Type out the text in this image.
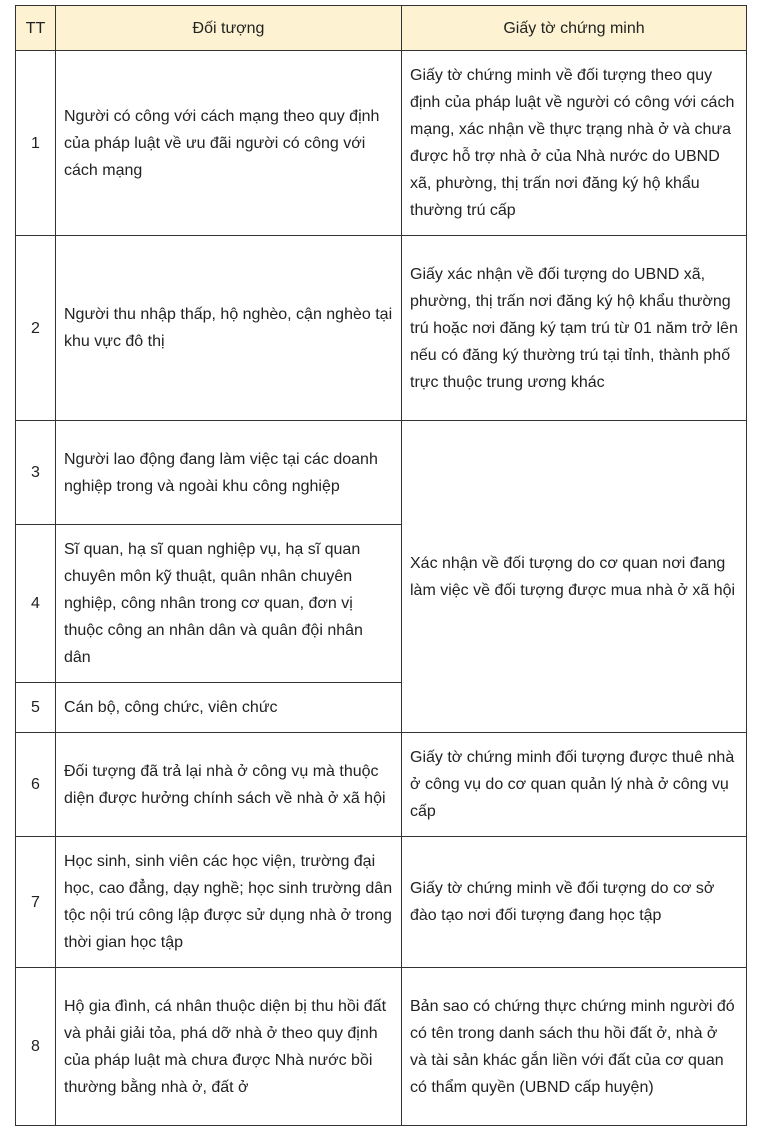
TT	Đối tượng	Giấy tờ chứng minh
1	Người có công với cách mạng theo quy định của pháp luật về ưu đãi người có công với cách mạng	Giấy tờ chứng minh về đối tượng theo quy định của pháp luật về người có công với cách mạng, xác nhận về thực trạng nhà ở và chưa được hỗ trợ nhà ở của Nhà nước do UBND xã, phường, thị trấn nơi đăng ký hộ khẩu thường trú cấp
2	Người thu nhập thấp, hộ nghèo, cận nghèo tại khu vực đô thị	Giấy xác nhận về đối tượng do UBND xã, phường, thị trấn nơi đăng ký hộ khẩu thường trú hoặc nơi đăng ký tạm trú từ 01 năm trở lên nếu có đăng ký thường trú tại tỉnh, thành phố trực thuộc trung ương khác
3	Người lao động đang làm việc tại các doanh nghiệp trong và ngoài khu công nghiệp	Xác nhận về đối tượng do cơ quan nơi đang làm việc về đối tượng được mua nhà ở xã hội
4	Sĩ quan, hạ sĩ quan nghiệp vụ, hạ sĩ quan chuyên môn kỹ thuật, quân nhân chuyên nghiệp, công nhân trong cơ quan, đơn vị thuộc công an nhân dân và quân đội nhân dân	
5	Cán bộ, công chức, viên chức	
6	Đối tượng đã trả lại nhà ở công vụ mà thuộc diện được hưởng chính sách về nhà ở xã hội	Giấy tờ chứng minh đối tượng được thuê nhà ở công vụ do cơ quan quản lý nhà ở công vụ cấp
7	Học sinh, sinh viên các học viện, trường đại học, cao đẳng, dạy nghề; học sinh trường dân tộc nội trú công lập được sử dụng nhà ở trong thời gian học tập	Giấy tờ chứng minh về đối tượng do cơ sở đào tạo nơi đối tượng đang học tập
8	Hộ gia đình, cá nhân thuộc diện bị thu hồi đất và phải giải tỏa, phá dỡ nhà ở theo quy định của pháp luật mà chưa được Nhà nước bồi thường bằng nhà ở, đất ở	Bản sao có chứng thực chứng minh người đó có tên trong danh sách thu hồi đất ở, nhà ở và tài sản khác gắn liền với đất của cơ quan có thẩm quyền (UBND cấp huyện)
